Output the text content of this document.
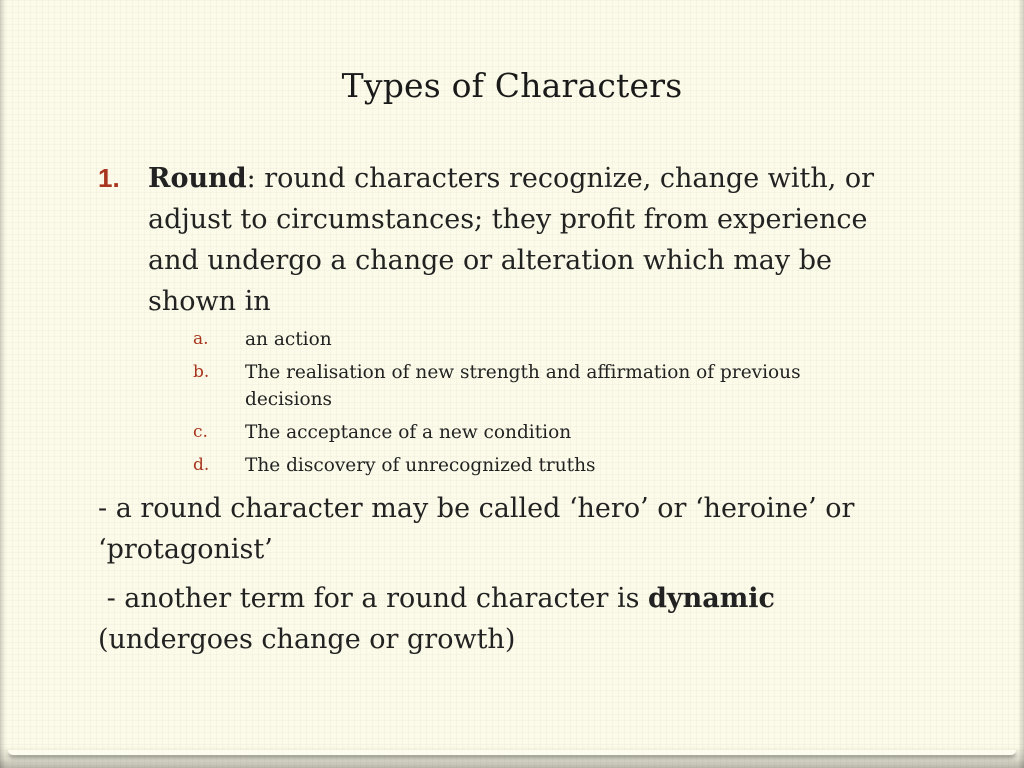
Types of Characters
1. Round: round characters recognize, change with, or adjust to circumstances; they profit from experience and undergo a change or alteration which may be shown in
a. an action
b. The realisation of new strength and affirmation of previous decisions
c. The acceptance of a new condition
d. The discovery of unrecognized truths
- a round character may be called ‘hero’ or ‘heroine’ or ‘protagonist’
- another term for a round character is dynamic (undergoes change or growth)
